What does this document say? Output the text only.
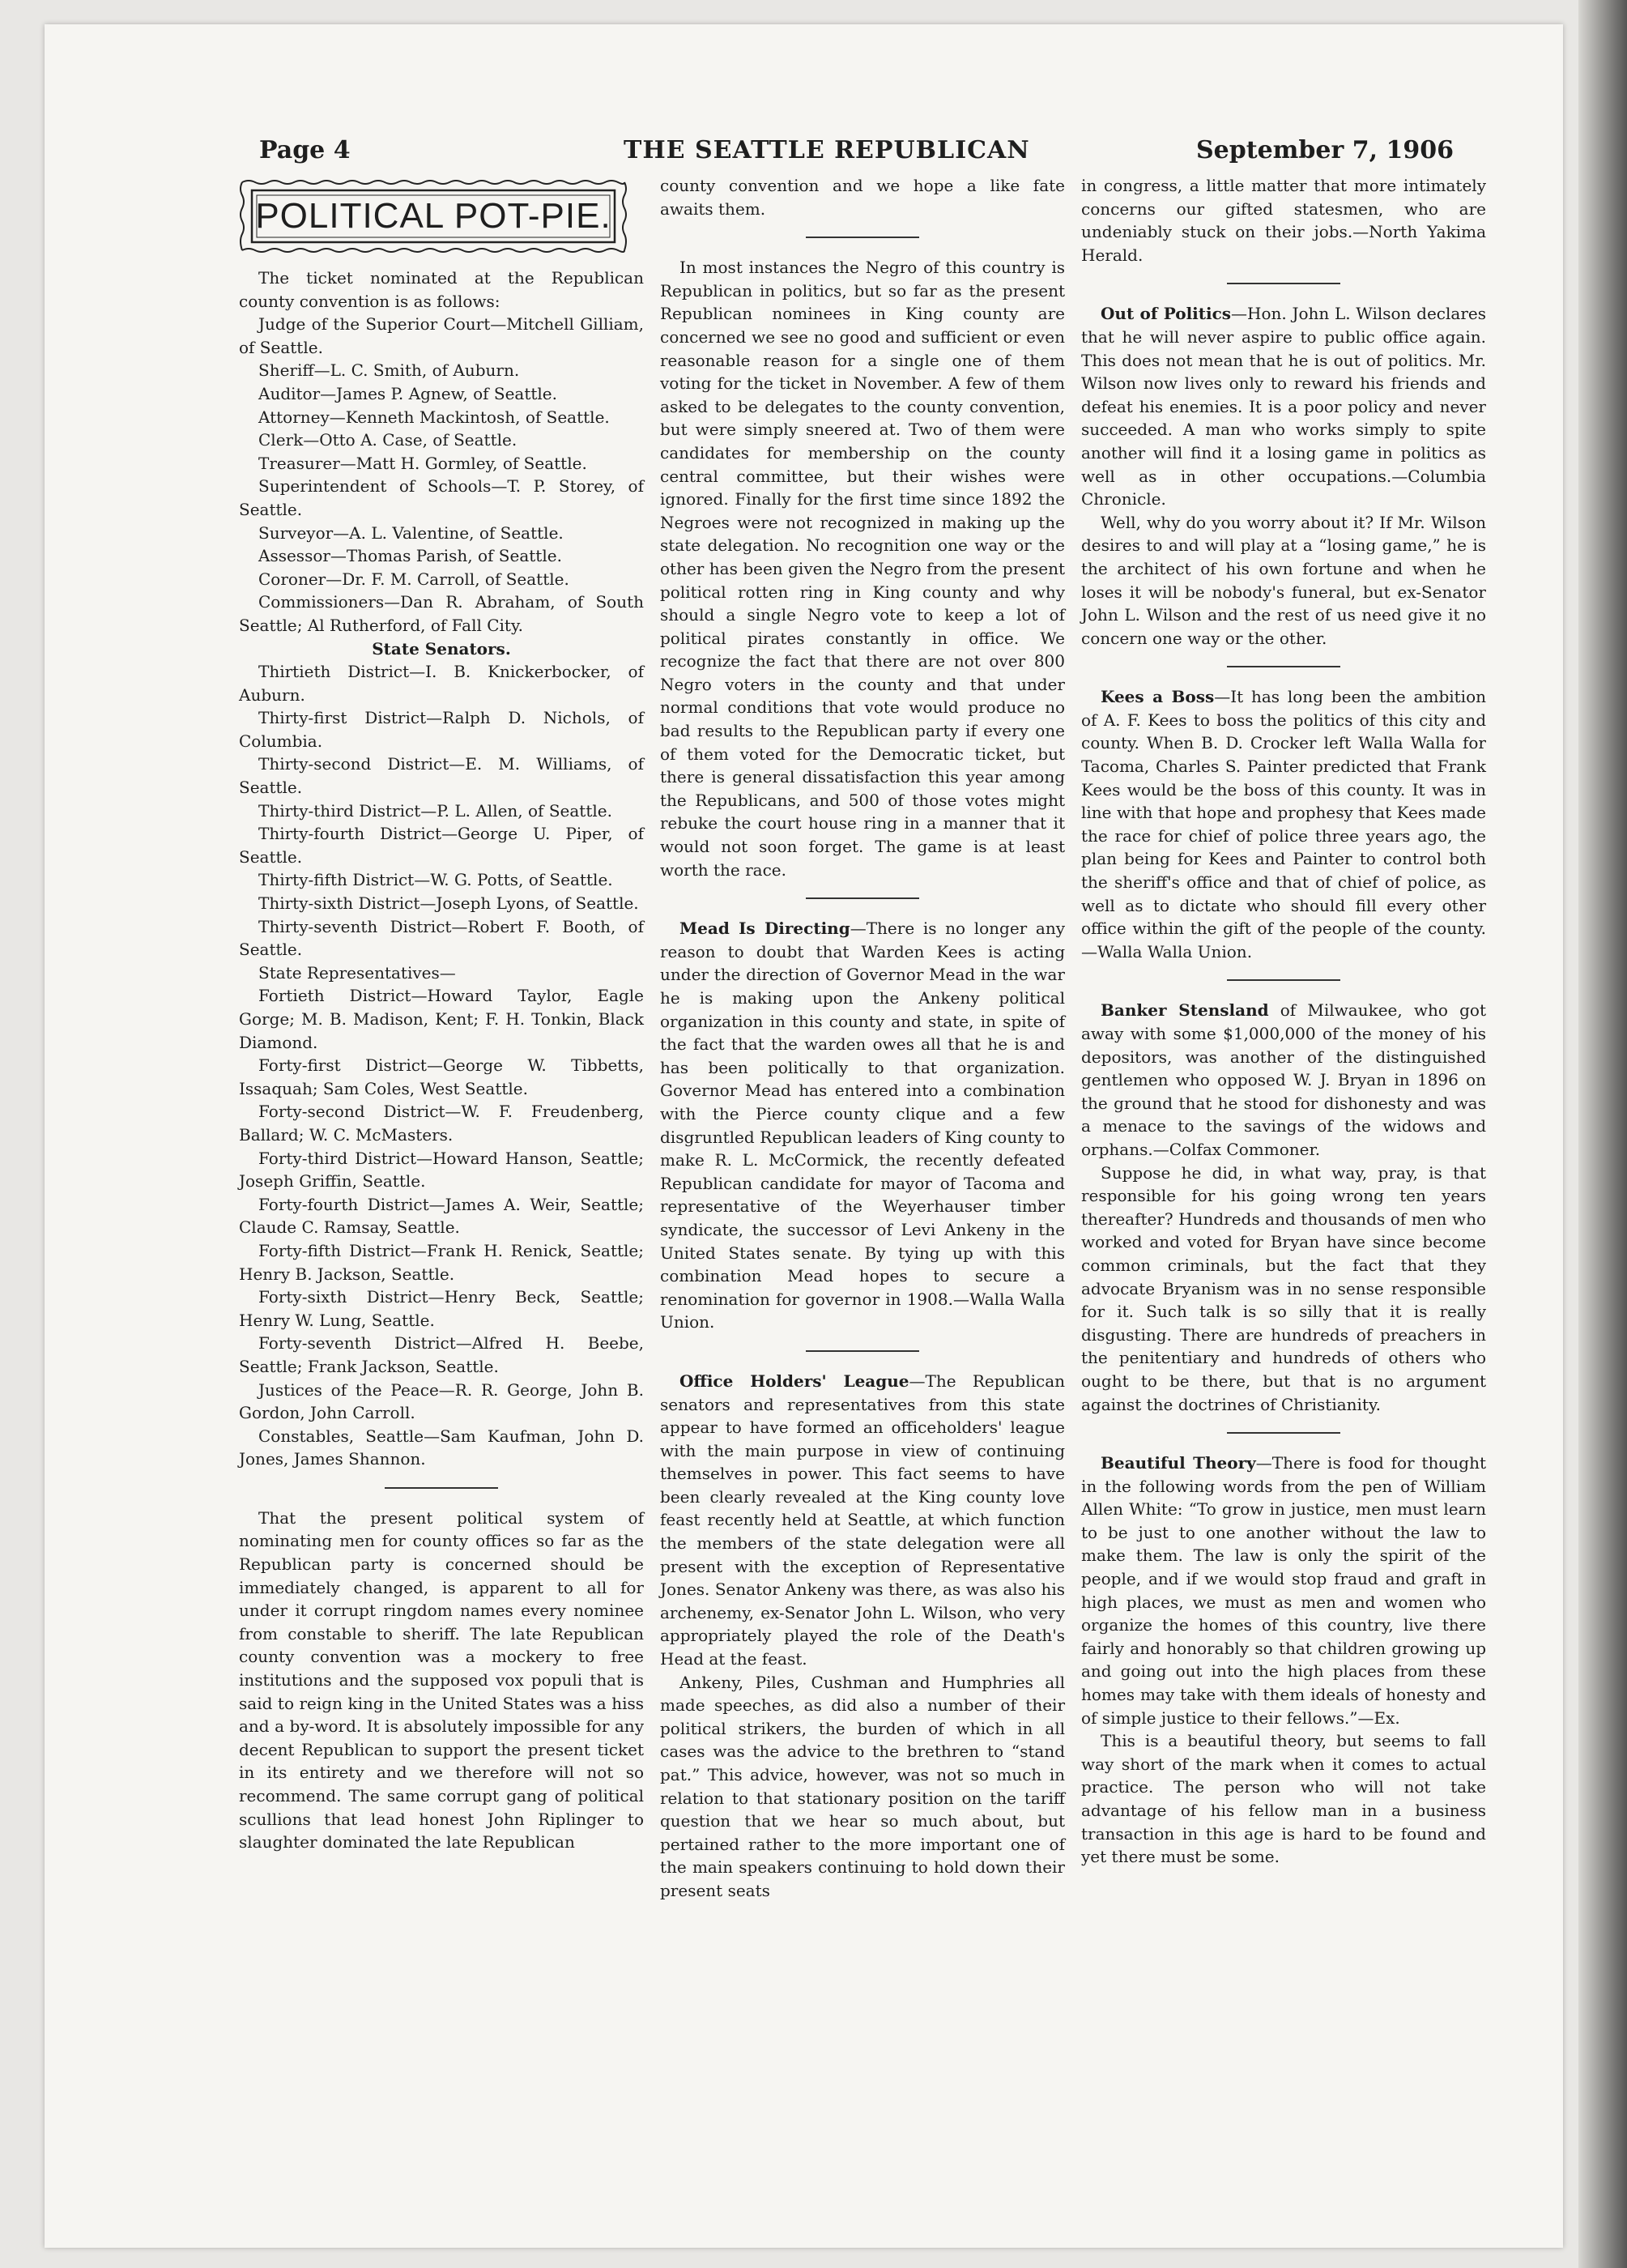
Page 4	THE SEATTLE REPUBLICAN	September 7, 1906
POLITICAL POT-PIE.

The ticket nominated at the Republican county convention is as follows:

Judge of the Superior Court—Mitchell Gilliam, of Seattle.

Sheriff—L. C. Smith, of Auburn.

Auditor—James P. Agnew, of Seattle.

Attorney—Kenneth Mackintosh, of Seattle.

Clerk—Otto A. Case, of Seattle.

Treasurer—Matt H. Gormley, of Seattle.

Superintendent of Schools—T. P. Storey, of Seattle.

Surveyor—A. L. Valentine, of Seattle.

Assessor—Thomas Parish, of Seattle.

Coroner—Dr. F. M. Carroll, of Seattle.

Commissioners—Dan R. Abraham, of South Seattle; Al Rutherford, of Fall City.

State Senators.

Thirtieth District—I. B. Knickerbocker, of Auburn.

Thirty-first District—Ralph D. Nichols, of Columbia.

Thirty-second District—E. M. Williams, of Seattle.

Thirty-third District—P. L. Allen, of Seattle.

Thirty-fourth District—George U. Piper, of Seattle.

Thirty-fifth District—W. G. Potts, of Seattle.

Thirty-sixth District—Joseph Lyons, of Seattle.

Thirty-seventh District—Robert F. Booth, of Seattle.

State Representatives—

Fortieth District—Howard Taylor, Eagle Gorge; M. B. Madison, Kent; F. H. Tonkin, Black Diamond.

Forty-first District—George W. Tibbetts, Issaquah; Sam Coles, West Seattle.

Forty-second District—W. F. Freudenberg, Ballard; W. C. McMasters.

Forty-third District—Howard Hanson, Seattle; Joseph Griffin, Seattle.

Forty-fourth District—James A. Weir, Seattle; Claude C. Ramsay, Seattle.

Forty-fifth District—Frank H. Renick, Seattle; Henry B. Jackson, Seattle.

Forty-sixth District—Henry Beck, Seattle; Henry W. Lung, Seattle.

Forty-seventh District—Alfred H. Beebe, Seattle; Frank Jackson, Seattle.

Justices of the Peace—R. R. George, John B. Gordon, John Carroll.

Constables, Seattle—Sam Kaufman, John D. Jones, James Shannon.

That the present political system of nominating men for county offices so far as the Republican party is concerned should be immediately changed, is apparent to all for under it corrupt ringdom names every nominee from constable to sheriff. The late Republican county convention was a mockery to free institutions and the supposed vox populi that is said to reign king in the United States was a hiss and a by-word. It is absolutely impossible for any decent Republican to support the present ticket in its entirety and we therefore will not so recommend. The same corrupt gang of political scullions that lead honest John Riplinger to slaughter dominated the late Republican

county convention and we hope a like fate awaits them.

In most instances the Negro of this country is Republican in politics, but so far as the present Republican nominees in King county are concerned we see no good and sufficient or even reasonable reason for a single one of them voting for the ticket in November. A few of them asked to be delegates to the county convention, but were simply sneered at. Two of them were candidates for membership on the county central committee, but their wishes were ignored. Finally for the first time since 1892 the Negroes were not recognized in making up the state delegation. No recognition one way or the other has been given the Negro from the present political rotten ring in King county and why should a single Negro vote to keep a lot of political pirates constantly in office. We recognize the fact that there are not over 800 Negro voters in the county and that under normal conditions that vote would produce no bad results to the Republican party if every one of them voted for the Democratic ticket, but there is general dissatisfaction this year among the Republicans, and 500 of those votes might rebuke the court house ring in a manner that it would not soon forget. The game is at least worth the race.

Mead Is Directing—There is no longer any reason to doubt that Warden Kees is acting under the direction of Governor Mead in the war he is making upon the Ankeny political organization in this county and state, in spite of the fact that the warden owes all that he is and has been politically to that organization. Governor Mead has entered into a combination with the Pierce county clique and a few disgruntled Republican leaders of King county to make R. L. McCormick, the recently defeated Republican candidate for mayor of Tacoma and representative of the Weyerhauser timber syndicate, the successor of Levi Ankeny in the United States senate. By tying up with this combination Mead hopes to secure a renomination for governor in 1908.—Walla Walla Union.

Office Holders' League—The Republican senators and representatives from this state appear to have formed an officeholders' league with the main purpose in view of continuing themselves in power. This fact seems to have been clearly revealed at the King county love feast recently held at Seattle, at which function the members of the state delegation were all present with the exception of Representative Jones. Senator Ankeny was there, as was also his archenemy, ex-Senator John L. Wilson, who very appropriately played the role of the Death's Head at the feast.

Ankeny, Piles, Cushman and Humphries all made speeches, as did also a number of their political strikers, the burden of which in all cases was the advice to the brethren to “stand pat.” This advice, however, was not so much in relation to that stationary position on the tariff question that we hear so much about, but pertained rather to the more important one of the main speakers continuing to hold down their present seats

in congress, a little matter that more intimately concerns our gifted statesmen, who are undeniably stuck on their jobs.—North Yakima Herald.

Out of Politics—Hon. John L. Wilson declares that he will never aspire to public office again. This does not mean that he is out of politics. Mr. Wilson now lives only to reward his friends and defeat his enemies. It is a poor policy and never succeeded. A man who works simply to spite another will find it a losing game in politics as well as in other occupations.—Columbia Chronicle.

Well, why do you worry about it? If Mr. Wilson desires to and will play at a “losing game,” he is the architect of his own fortune and when he loses it will be nobody's funeral, but ex-Senator John L. Wilson and the rest of us need give it no concern one way or the other.

Kees a Boss—It has long been the ambition of A. F. Kees to boss the politics of this city and county. When B. D. Crocker left Walla Walla for Tacoma, Charles S. Painter predicted that Frank Kees would be the boss of this county. It was in line with that hope and prophesy that Kees made the race for chief of police three years ago, the plan being for Kees and Painter to control both the sheriff's office and that of chief of police, as well as to dictate who should fill every other office within the gift of the people of the county.—Walla Walla Union.

Banker Stensland of Milwaukee, who got away with some $1,000,000 of the money of his depositors, was another of the distinguished gentlemen who opposed W. J. Bryan in 1896 on the ground that he stood for dishonesty and was a menace to the savings of the widows and orphans.—Colfax Commoner.

Suppose he did, in what way, pray, is that responsible for his going wrong ten years thereafter? Hundreds and thousands of men who worked and voted for Bryan have since become common criminals, but the fact that they advocate Bryanism was in no sense responsible for it. Such talk is so silly that it is really disgusting. There are hundreds of preachers in the penitentiary and hundreds of others who ought to be there, but that is no argument against the doctrines of Christianity.

Beautiful Theory—There is food for thought in the following words from the pen of William Allen White: “To grow in justice, men must learn to be just to one another without the law to make them. The law is only the spirit of the people, and if we would stop fraud and graft in high places, we must as men and women who organize the homes of this country, live there fairly and honorably so that children growing up and going out into the high places from these homes may take with them ideals of honesty and of simple justice to their fellows.”—Ex.

This is a beautiful theory, but seems to fall way short of the mark when it comes to actual practice. The person who will not take advantage of his fellow man in a business transaction in this age is hard to be found and yet there must be some.
